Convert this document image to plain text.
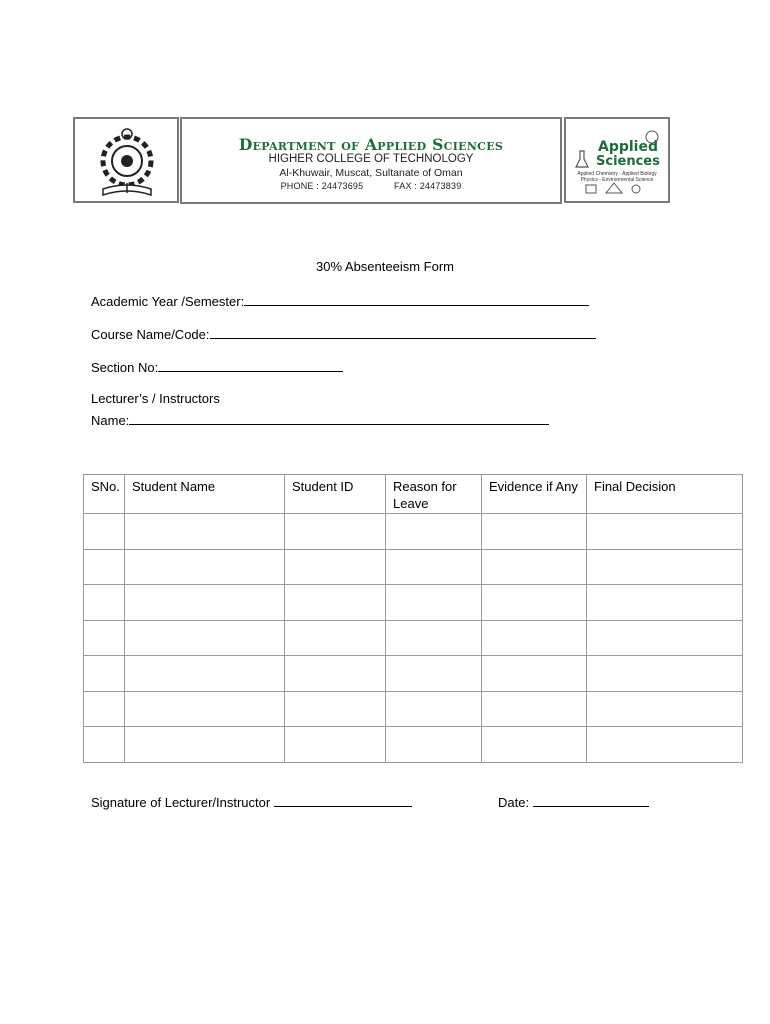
Department of Applied Sciences
HIGHER COLLEGE OF TECHNOLOGY
Al-Khuwair, Muscat, Sultanate of Oman
PHONE : 24473695	FAX : 24473839
Applied
Sciences
Applied Chemistry - Applied Biology Physics - Environmental Science
30% Absenteeism Form
Academic Year /Semester:
Course Name/Code:
Section No:
Lecturer’s / Instructors
Name:
SNo.	Student Name	Student ID	Reason for Leave	Evidence if Any	Final Decision

Signature of Lecturer/Instructor	Date:
